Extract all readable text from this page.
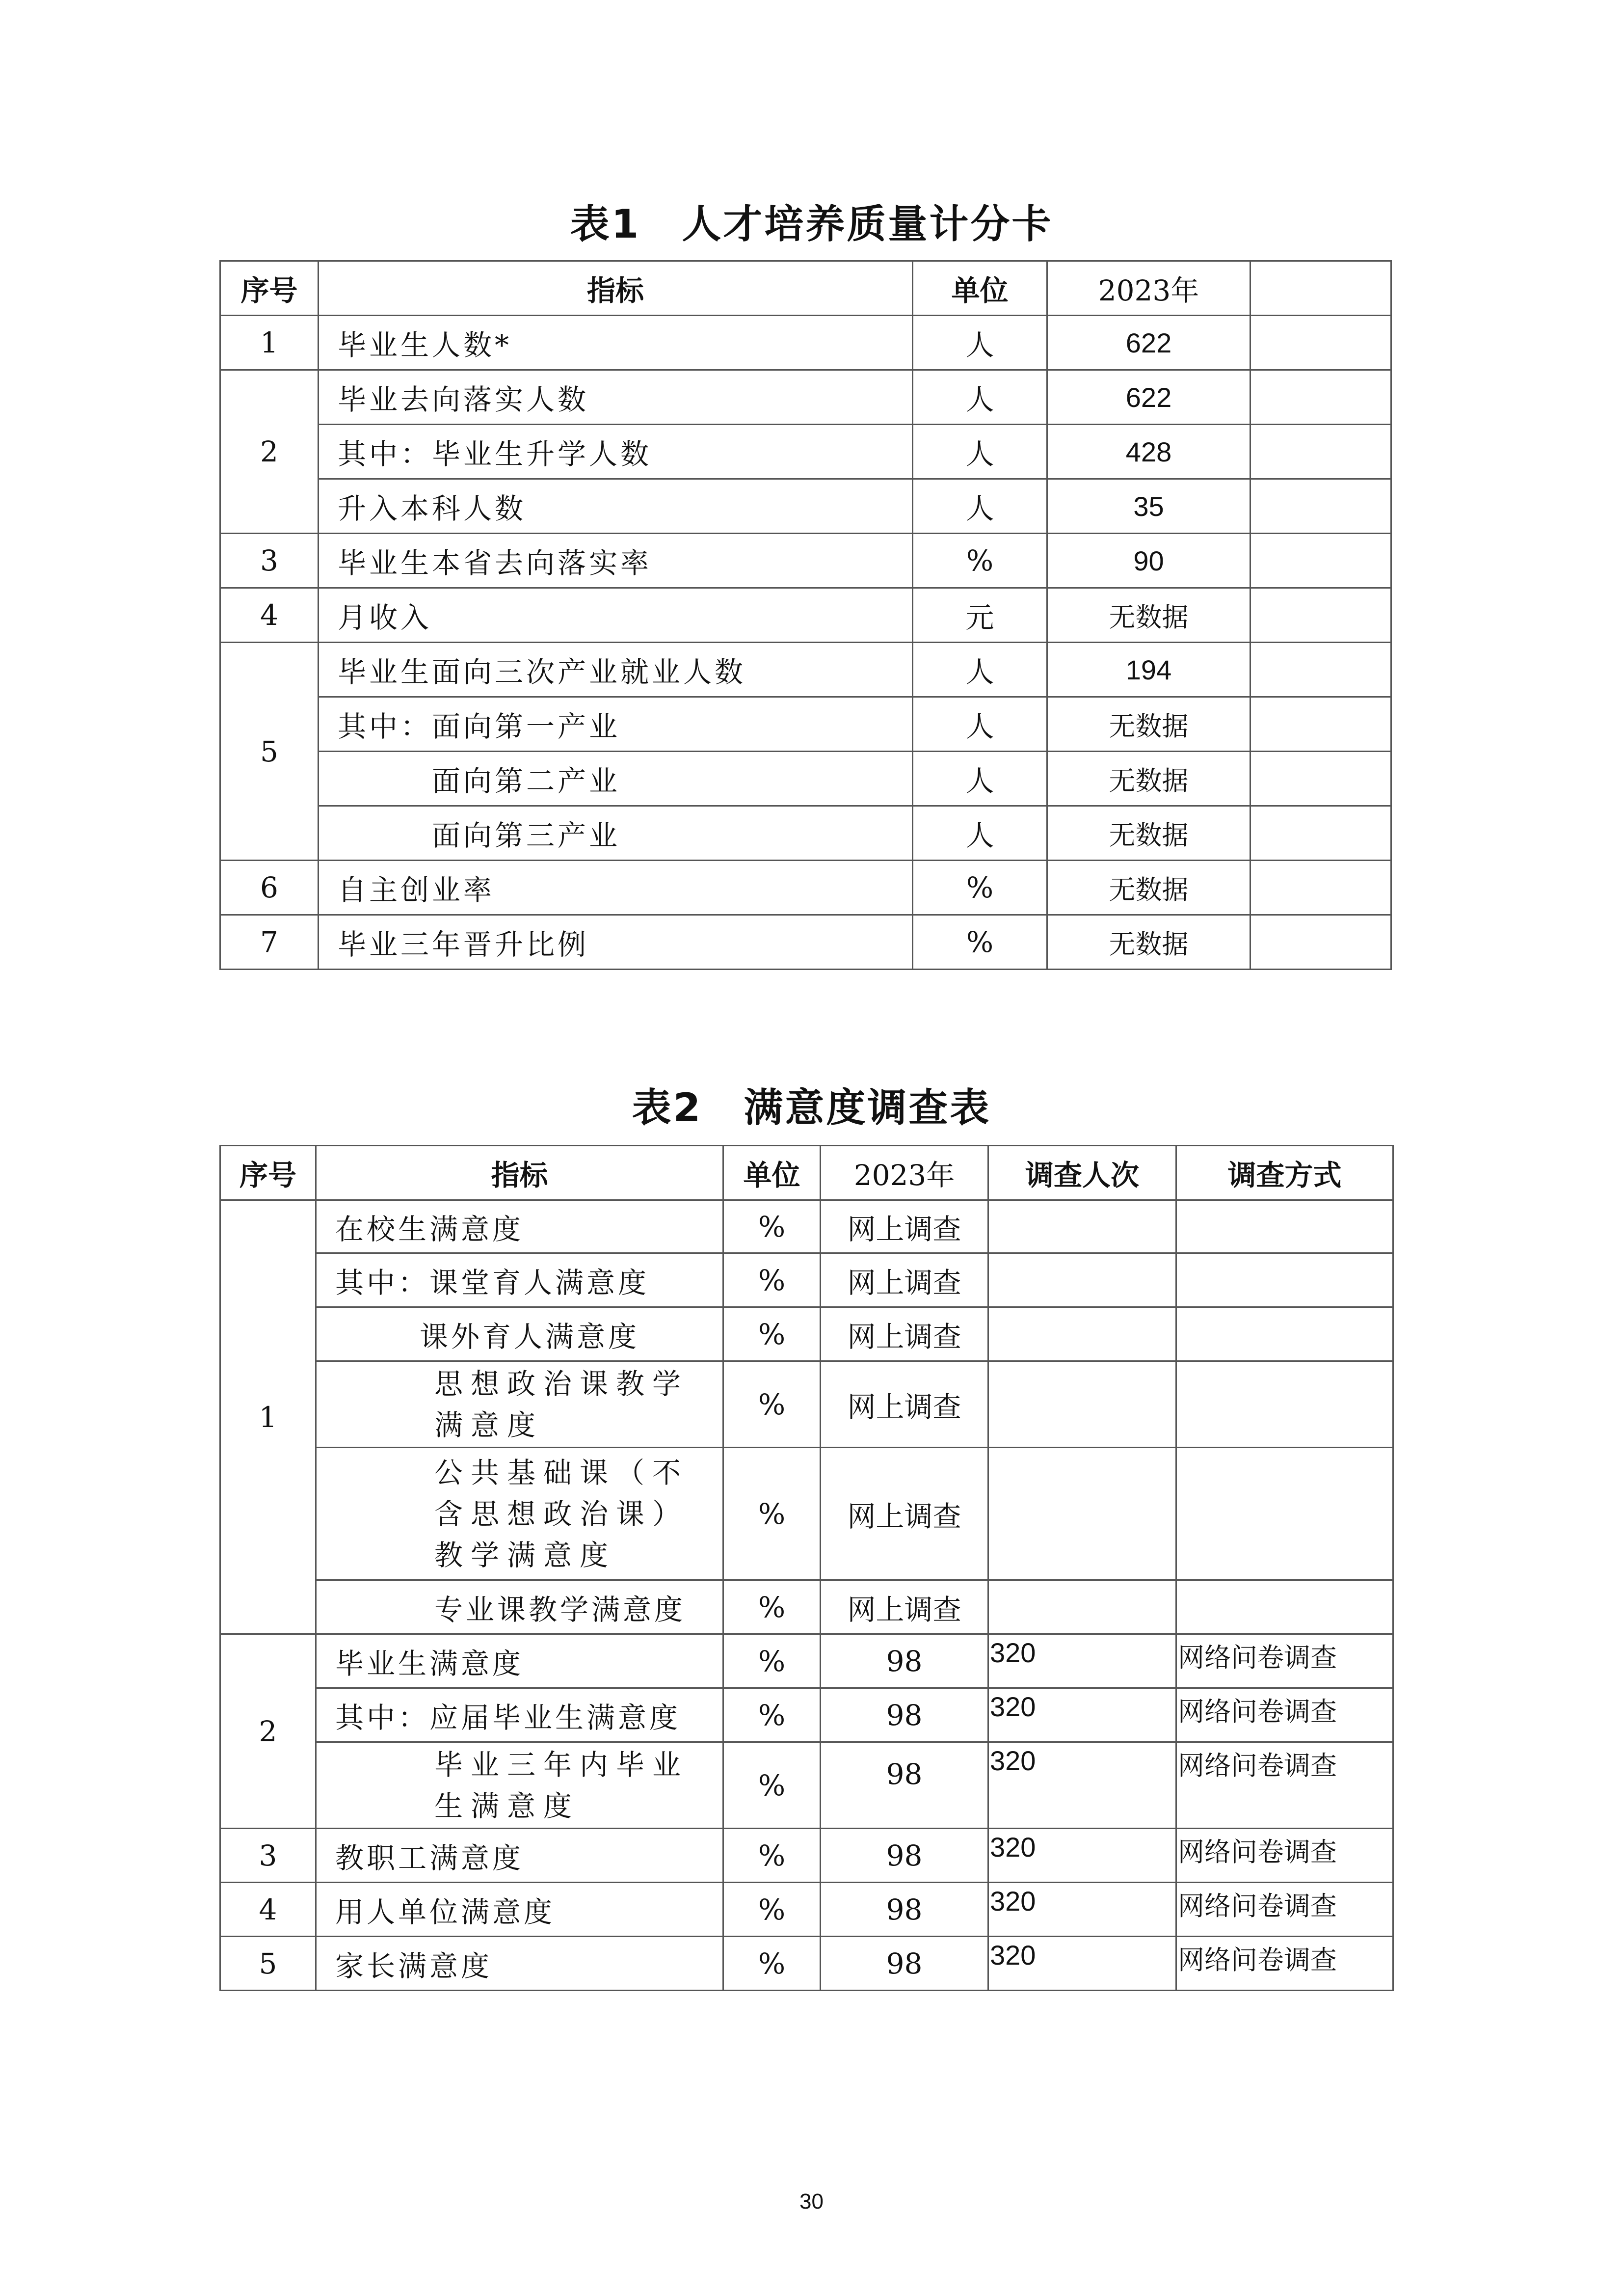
表1　人才培养质量计分卡
序号	指标	单位	2023年	
1	毕业生人数*	人	622	
2	毕业去向落实人数	人	622	
	其中：毕业生升学人数	人	428	
	升入本科人数	人	35	
3	毕业生本省去向落实率	%	90	
4	月收入	元	无数据	
5	毕业生面向三次产业就业人数	人	194	
	其中：面向第一产业	人	无数据	
	面向第二产业	人	无数据	
	面向第三产业	人	无数据	
6	自主创业率	%	无数据	
7	毕业三年晋升比例	%	无数据	
表2　满意度调查表
序号	指标	单位	2023年	调查人次	调查方式
1	在校生满意度	%	网上调查		
	其中：课堂育人满意度	%	网上调查		
	课外育人满意度	%	网上调查		
	思想政治课教学满意度	%	网上调查		
	公共基础课（不含思想政治课）教学满意度	%	网上调查		
	专业课教学满意度	%	网上调查		
2	毕业生满意度	%	98	320	网络问卷调查
	其中：应届毕业生满意度	%	98	320	网络问卷调查
	毕业三年内毕业生满意度	%	98	320	网络问卷调查
3	教职工满意度	%	98	320	网络问卷调查
4	用人单位满意度	%	98	320	网络问卷调查
5	家长满意度	%	98	320	网络问卷调查
30
